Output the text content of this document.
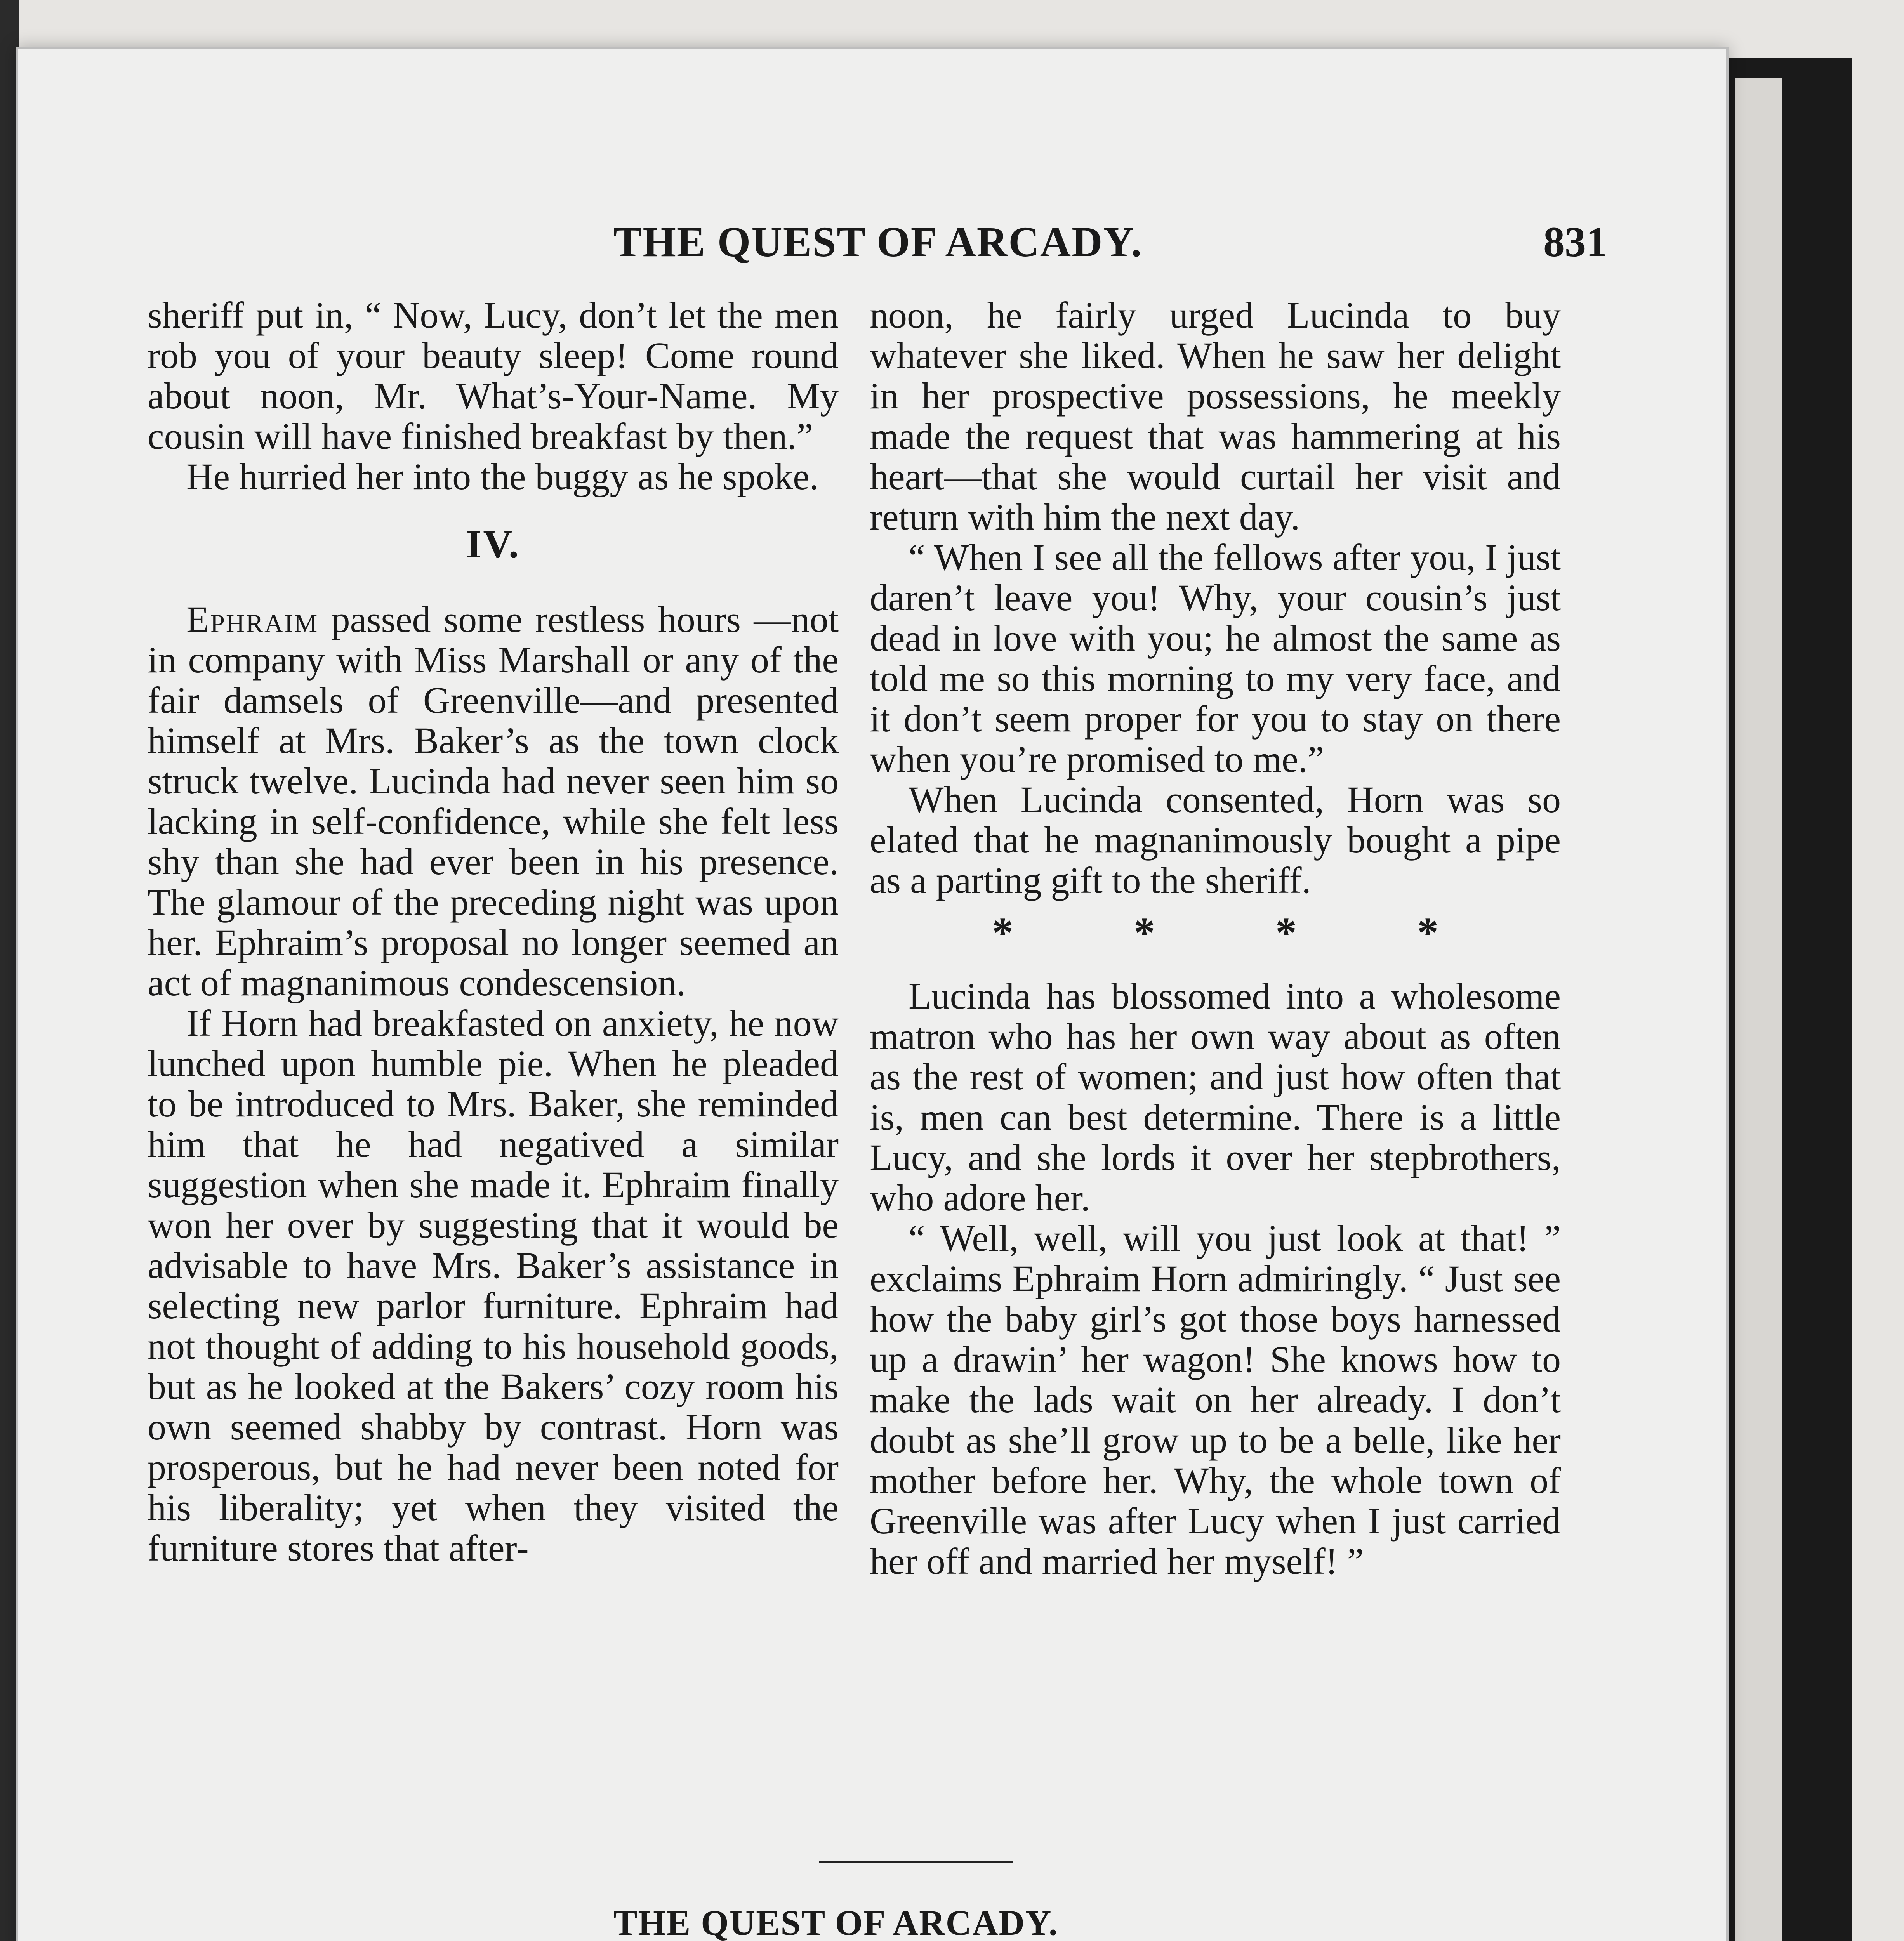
THE QUEST OF ARCADY.	831

sheriff put in, “ Now, Lucy, don’t let the men rob you of your beauty sleep! Come round about noon, Mr. What’s-Your-Name. My cousin will have finished breakfast by then.”

He hurried her into the buggy as he spoke.

IV.

Ephraim passed some restless hours —not in company with Miss Marshall or any of the fair damsels of Greenville—and presented himself at Mrs. Baker’s as the town clock struck twelve. Lucinda had never seen him so lacking in self-confidence, while she felt less shy than she had ever been in his presence. The glamour of the preceding night was upon her. Ephraim’s proposal no longer seemed an act of magnanimous condescension.

If Horn had breakfasted on anxiety, he now lunched upon humble pie. When he pleaded to be introduced to Mrs. Baker, she reminded him that he had negatived a similar suggestion when she made it. Ephraim finally won her over by suggesting that it would be advisable to have Mrs. Baker’s assistance in selecting new parlor furniture. Ephraim had not thought of adding to his household goods, but as he looked at the Bakers’ cozy room his own seemed shabby by contrast. Horn was prosperous, but he had never been noted for his liberality; yet when they visited the furniture stores that after-

noon, he fairly urged Lucinda to buy whatever she liked. When he saw her delight in her prospective possessions, he meekly made the request that was hammering at his heart—that she would curtail her visit and return with him the next day.

“ When I see all the fellows after you, I just daren’t leave you! Why, your cousin’s just dead in love with you; he almost the same as told me so this morning to my very face, and it don’t seem proper for you to stay on there when you’re promised to me.”

When Lucinda consented, Horn was so elated that he magnanimously bought a pipe as a parting gift to the sheriff.

*	*	*	*

Lucinda has blossomed into a wholesome matron who has her own way about as often as the rest of women; and just how often that is, men can best determine. There is a little Lucy, and she lords it over her stepbrothers, who adore her.

“ Well, well, will you just look at that! ” exclaims Ephraim Horn admiringly. “ Just see how the baby girl’s got those boys harnessed up a drawin’ her wagon! She knows how to make the lads wait on her already. I don’t doubt as she’ll grow up to be a belle, like her mother before her. Why, the whole town of Greenville was after Lucy when I just carried her off and married her myself! ”

THE QUEST OF ARCADY.
